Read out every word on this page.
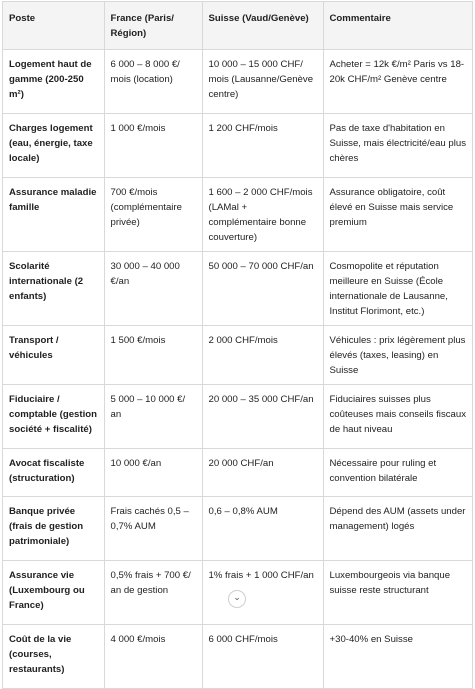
Poste	France (Paris/ Région)	Suisse (Vaud/Genève)	Commentaire
Logement haut de gamme (200-250 m²)	6 000 – 8 000 €/ mois (location)	10 000 – 15 000 CHF/ mois (Lausanne/Genève centre)	Acheter = 12k €/m² Paris vs 18-20k CHF/m² Genève centre
Charges logement (eau, énergie, taxe locale)	1 000 €/mois	1 200 CHF/mois	Pas de taxe d'habitation en Suisse, mais électricité/eau plus chères
Assurance maladie famille	700 €/mois (complémentaire privée)	1 600 – 2 000 CHF/mois (LAMal + complémentaire bonne couverture)	Assurance obligatoire, coût élevé en Suisse mais service premium
Scolarité internationale (2 enfants)	30 000 – 40 000 €/an	50 000 – 70 000 CHF/an	Cosmopolite et réputation meilleure en Suisse (École internationale de Lausanne, Institut Florimont, etc.)
Transport / véhicules	1 500 €/mois	2 000 CHF/mois	Véhicules : prix légèrement plus élevés (taxes, leasing) en Suisse
Fiduciaire / comptable (gestion société + fiscalité)	5 000 – 10 000 €/ an	20 000 – 35 000 CHF/an	Fiduciaires suisses plus coûteuses mais conseils fiscaux de haut niveau
Avocat fiscaliste (structuration)	10 000 €/an	20 000 CHF/an	Nécessaire pour ruling et convention bilatérale
Banque privée (frais de gestion patrimoniale)	Frais cachés 0,5 – 0,7% AUM	0,6 – 0,8% AUM	Dépend des AUM (assets under management) logés
Assurance vie (Luxembourg ou France)	0,5% frais + 700 €/ an de gestion	1% frais + 1 000 CHF/an	Luxembourgeois via banque suisse reste structurant
Coût de la vie (courses, restaurants)	4 000 €/mois	6 000 CHF/mois	+30-40% en Suisse
⌄
